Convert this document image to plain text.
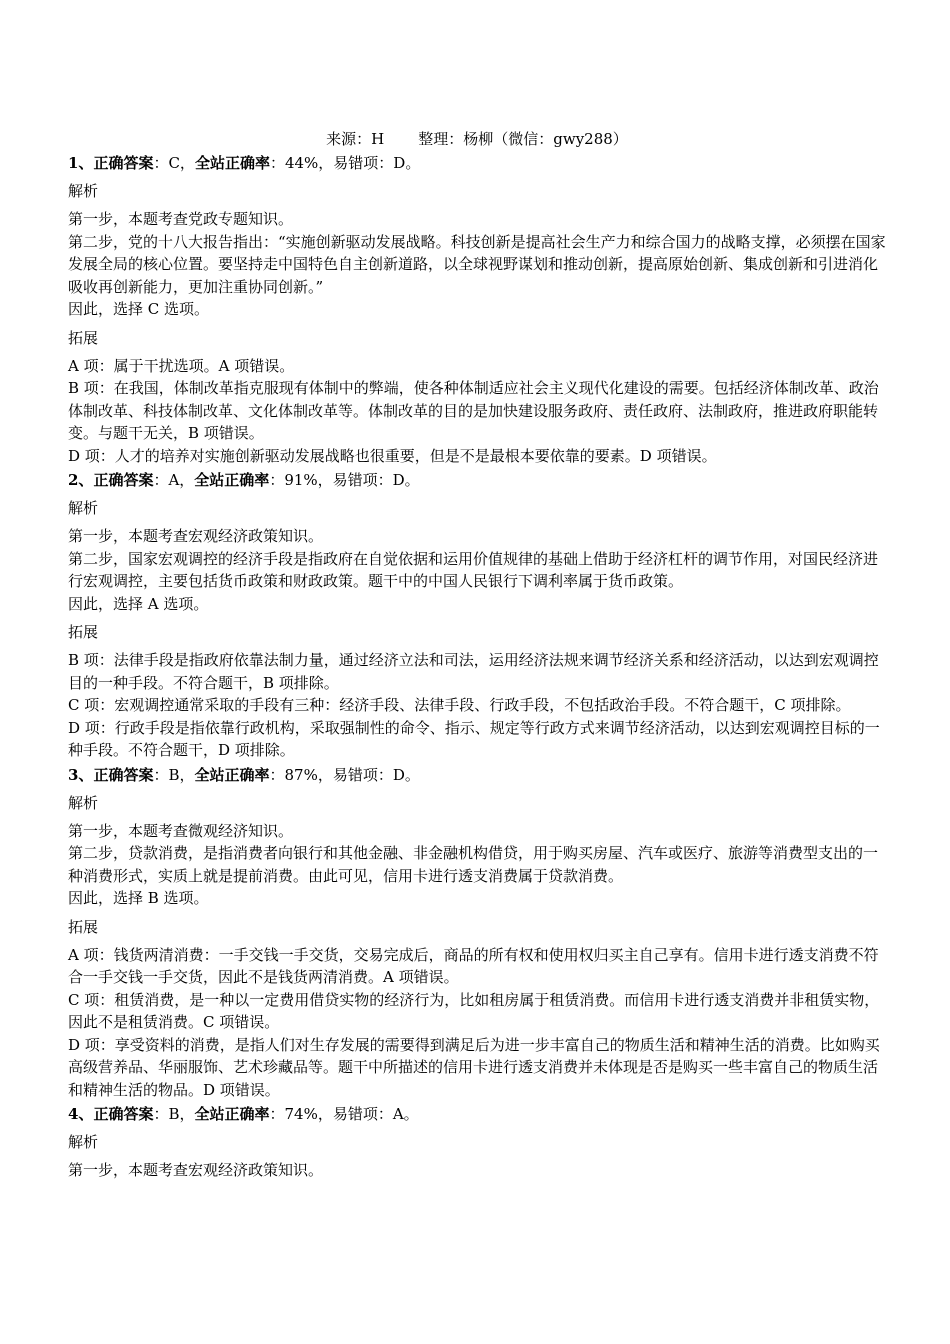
来源：H 整理：杨柳（微信：gwy288）
1、正确答案：C，全站正确率：44%，易错项：D。
解析
第一步，本题考查党政专题知识。
第二步，党的十八大报告指出：“实施创新驱动发展战略。科技创新是提高社会生产力和综合国力的战略支撑，必须摆在国家发展全局的核心位置。要坚持走中国特色自主创新道路，以全球视野谋划和推动创新，提高原始创新、集成创新和引进消化吸收再创新能力，更加注重协同创新。”
因此，选择 C 选项。
拓展
A 项：属于干扰选项。A 项错误。
B 项：在我国，体制改革指克服现有体制中的弊端，使各种体制适应社会主义现代化建设的需要。包括经济体制改革、政治体制改革、科技体制改革、文化体制改革等。体制改革的目的是加快建设服务政府、责任政府、法制政府，推进政府职能转变。与题干无关，B 项错误。
D 项：人才的培养对实施创新驱动发展战略也很重要，但是不是最根本要依靠的要素。D 项错误。
2、正确答案：A，全站正确率：91%，易错项：D。
解析
第一步，本题考查宏观经济政策知识。
第二步，国家宏观调控的经济手段是指政府在自觉依据和运用价值规律的基础上借助于经济杠杆的调节作用，对国民经济进行宏观调控，主要包括货币政策和财政政策。题干中的中国人民银行下调利率属于货币政策。
因此，选择 A 选项。
拓展
B 项：法律手段是指政府依靠法制力量，通过经济立法和司法，运用经济法规来调节经济关系和经济活动，以达到宏观调控目的一种手段。不符合题干，B 项排除。
C 项：宏观调控通常采取的手段有三种：经济手段、法律手段、行政手段，不包括政治手段。不符合题干，C 项排除。
D 项：行政手段是指依靠行政机构，采取强制性的命令、指示、规定等行政方式来调节经济活动，以达到宏观调控目标的一种手段。不符合题干，D 项排除。
3、正确答案：B，全站正确率：87%，易错项：D。
解析
第一步，本题考查微观经济知识。
第二步，贷款消费，是指消费者向银行和其他金融、非金融机构借贷，用于购买房屋、汽车或医疗、旅游等消费型支出的一种消费形式，实质上就是提前消费。由此可见，信用卡进行透支消费属于贷款消费。
因此，选择 B 选项。
拓展
A 项：钱货两清消费：一手交钱一手交货，交易完成后，商品的所有权和使用权归买主自己享有。信用卡进行透支消费不符合一手交钱一手交货，因此不是钱货两清消费。A 项错误。
C 项：租赁消费，是一种以一定费用借贷实物的经济行为，比如租房属于租赁消费。而信用卡进行透支消费并非租赁实物，因此不是租赁消费。C 项错误。
D 项：享受资料的消费，是指人们对生存发展的需要得到满足后为进一步丰富自己的物质生活和精神生活的消费。比如购买高级营养品、华丽服饰、艺术珍藏品等。题干中所描述的信用卡进行透支消费并未体现是否是购买一些丰富自己的物质生活和精神生活的物品。D 项错误。
4、正确答案：B，全站正确率：74%，易错项：A。
解析
第一步，本题考查宏观经济政策知识。
